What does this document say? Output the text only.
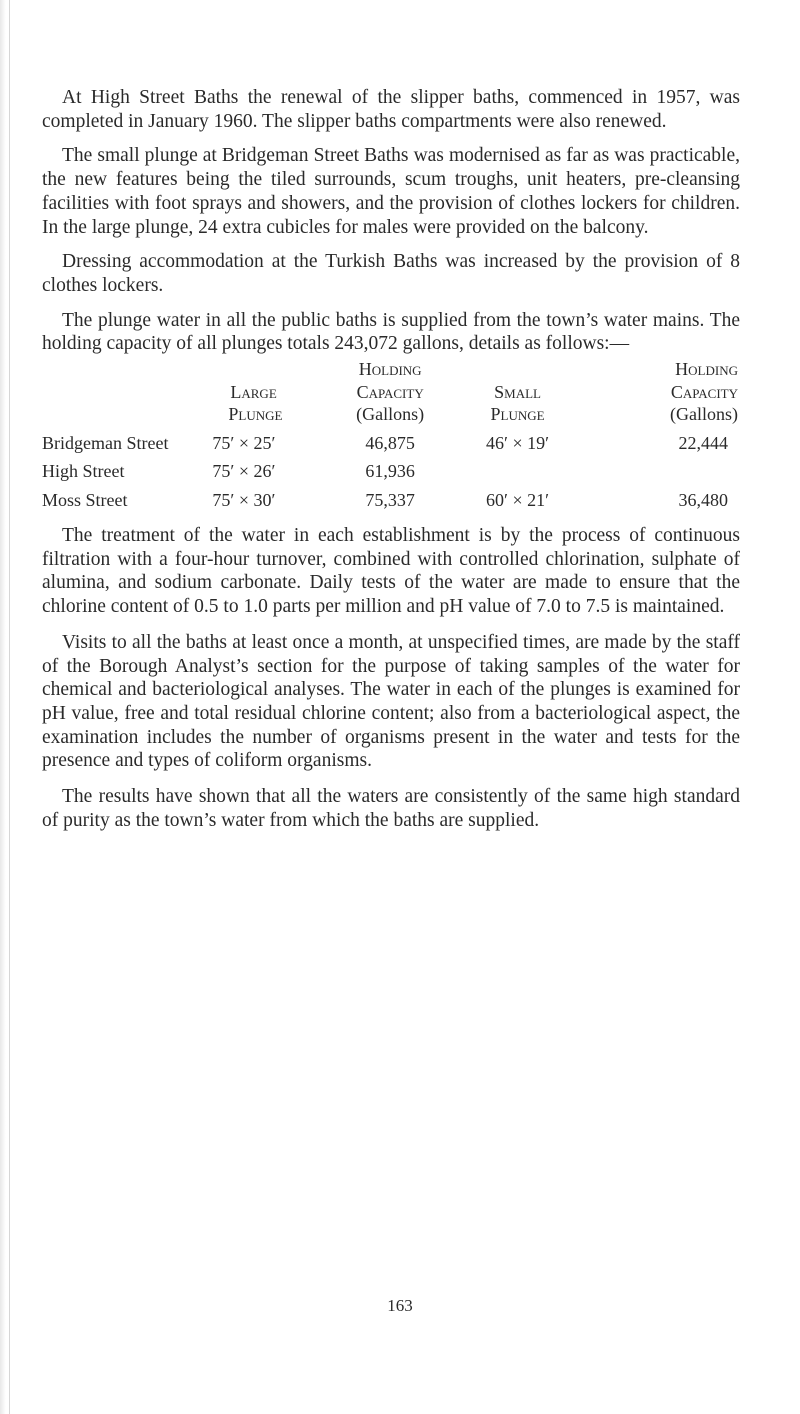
At High Street Baths the renewal of the slipper baths, commenced in 1957, was completed in January 1960. The slipper baths compartments were also renewed.

The small plunge at Bridgeman Street Baths was modernised as far as was practicable, the new features being the tiled surrounds, scum troughs, unit heaters, pre-cleansing facilities with foot sprays and showers, and the provision of clothes lockers for children. In the large plunge, 24 extra cubicles for males were provided on the balcony.

Dressing accommodation at the Turkish Baths was increased by the provision of 8 clothes lockers.

The plunge water in all the public baths is supplied from the town’s water mains. The holding capacity of all plunges totals 243,072 gallons, details as follows:—

		Holding		Holding
	Large	Capacity	Small	Capacity
	Plunge	(Gallons)	Plunge	(Gallons)
Bridgeman Street	75′ × 25′	46,875	46′ × 19′	22,444
High Street	75′ × 26′	61,936		
Moss Street	75′ × 30′	75,337	60′ × 21′	36,480

The treatment of the water in each establishment is by the process of continuous filtration with a four-hour turnover, combined with controlled chlorination, sulphate of alumina, and sodium carbonate. Daily tests of the water are made to ensure that the chlorine content of 0.5 to 1.0 parts per million and pH value of 7.0 to 7.5 is maintained.

Visits to all the baths at least once a month, at unspecified times, are made by the staff of the Borough Analyst’s section for the purpose of taking samples of the water for chemical and bacteriological analyses. The water in each of the plunges is examined for pH value, free and total residual chlorine content; also from a bacteriological aspect, the examination includes the number of organisms present in the water and tests for the presence and types of coliform organisms.

The results have shown that all the waters are consistently of the same high standard of purity as the town’s water from which the baths are supplied.

163
